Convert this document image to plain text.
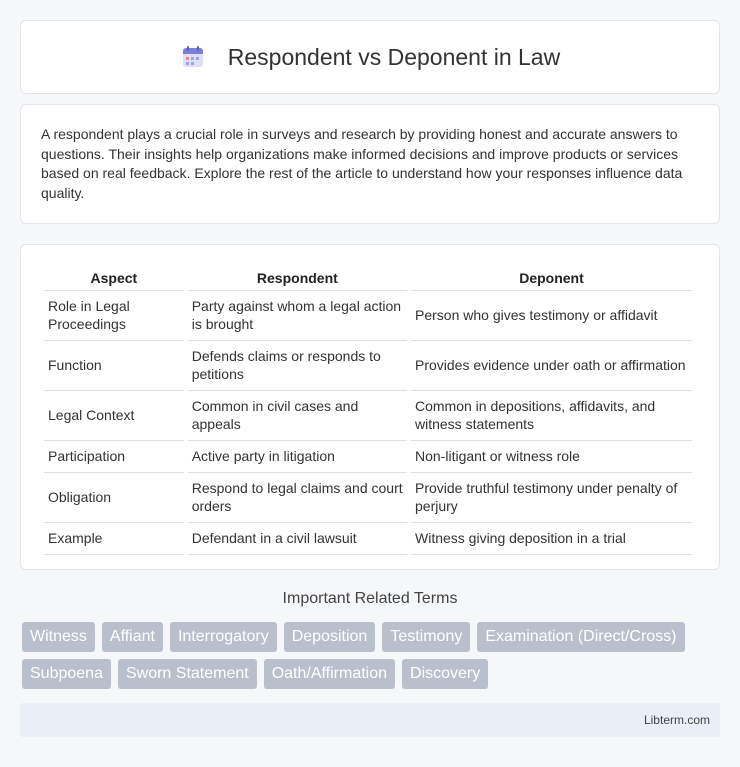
Respondent vs Deponent in Law

A respondent plays a crucial role in surveys and research by providing honest and accurate answers to questions. Their insights help organizations make informed decisions and improve products or services based on real feedback. Explore the rest of the article to understand how your responses influence data quality.

Aspect	Respondent	Deponent
Role in Legal Proceedings	Party against whom a legal action is brought	Person who gives testimony or affidavit
Function	Defends claims or responds to petitions	Provides evidence under oath or affirmation
Legal Context	Common in civil cases and appeals	Common in depositions, affidavits, and witness statements
Participation	Active party in litigation	Non-litigant or witness role
Obligation	Respond to legal claims and court orders	Provide truthful testimony under penalty of perjury
Example	Defendant in a civil lawsuit	Witness giving deposition in a trial
Important Related Terms
Witness	Affiant	Interrogatory	Deposition	Testimony	Examination (Direct/Cross)
Subpoena	Sworn Statement	Oath/Affirmation	Discovery
Libterm.com
